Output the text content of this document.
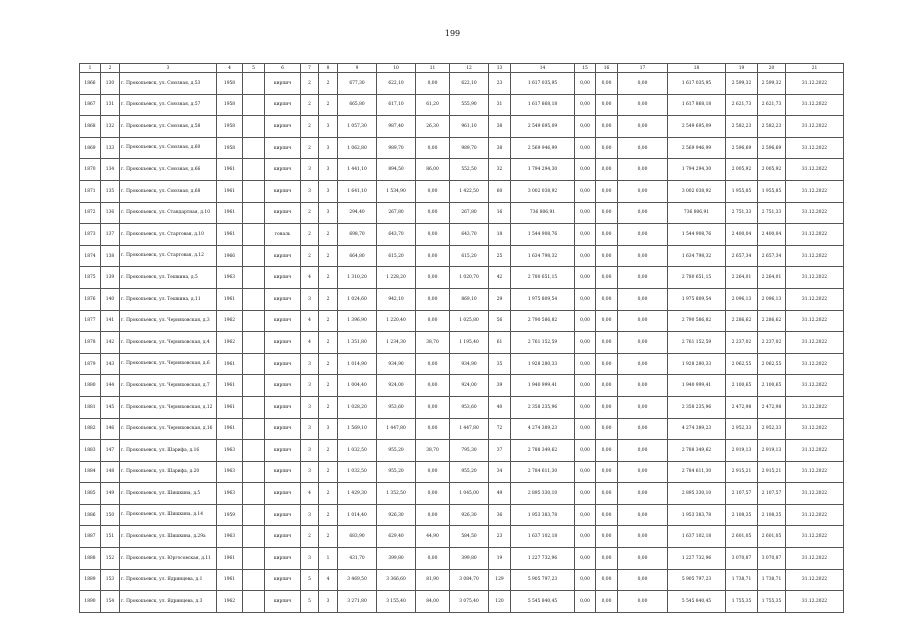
199
1	2	3	4	5	6	7	8	9	10	11	12	13	14	15	16	17	18	19	20	21
1866	130	г. Прокопьевск, ул. Союзная, д.53	1958		кирпич	2	2	677,30	622,10	0,00	622,10	23	1 617 035,95	0,00	0,00	0,00	1 617 035,95	2 599,32	2 599,32	31.12.2022
1867	131	г. Прокопьевск, ул. Союзная, д.57	1958		кирпич	2	2	665,80	617,10	61,20	555,90	31	1 617 868,18	0,00	0,00	0,00	1 617 868,18	2 621,73	2 621,73	31.12.2022
1868	132	г. Прокопьевск, ул. Союзная, д.58	1958		кирпич	2	3	1 057,30	987,40	26,30	961,10	38	2 549 695,09	0,00	0,00	0,00	2 549 695,09	2 582,23	2 582,23	31.12.2022
1869	133	г. Прокопьевск, ул. Союзная, д.60	1958		кирпич	2	3	1 062,80	989,70	0,00	989,70	38	2 569 946,99	0,00	0,00	0,00	2 569 946,99	2 596,69	2 596,69	31.12.2022
1870	134	г. Прокопьевск, ул. Союзная, д.66	1961		кирпич	3	3	1 441,10	894,50	86,00	552,50	32	1 794 294,30	0,00	0,00	0,00	1 794 294,30	2 005,92	2 005,92	31.12.2022
1871	135	г. Прокопьевск, ул. Союзная, д.68	1961		кирпич	3	3	1 641,10	1 534,90	0,00	1 422,50	60	3 002 038,92	0,00	0,00	0,00	3 002 038,92	1 955,85	1 955,85	31.12.2022
1872	136	г. Прокопьевск, ул. Стандартная, д.10	1961		кирпич	2	3	294,40	267,80	0,00	267,80	16	736 806,91	0,00	0,00	0,00	736 806,91	2 751,33	2 751,33	31.12.2022
1873	137	г. Прокопьевск, ул. Стартовая, д.10	1961		гональ	2	2	698,70	643,70	0,00	643,70	18	1 544 908,76	0,00	0,00	0,00	1 544 908,76	2 400,04	2 400,04	31.12.2022
1874	138	г. Прокопьевск, ул. Стартовая, д.12	1966		кирпич	2	2	664,80	615,20	0,00	615,20	25	1 634 798,32	0,00	0,00	0,00	1 634 798,32	2 657,34	2 657,34	31.12.2022
1875	139	г. Прокопьевск, ул. Тешкина, д.5	1963		кирпич	4	2	1 310,20	1 228,20	0,00	1 020,70	42	2 780 651,15	0,00	0,00	0,00	2 780 651,15	2 264,01	2 264,01	31.12.2022
1876	140	г. Прокопьевск, ул. Тешкина, д.11	1961		кирпич	3	2	1 024,60	942,10	0,00	869,10	29	1 975 809,54	0,00	0,00	0,00	1 975 809,54	2 096,13	2 096,13	31.12.2022
1877	141	г. Прокопьевск, ул. Черняховская, д.3	1962		кирпич	4	2	1 396,90	1 220,40	0,00	1 025,80	56	2 790 586,82	0,00	0,00	0,00	2 790 586,82	2 286,62	2 286,62	31.12.2022
1878	142	г. Прокопьевск, ул. Черняховская, д.4	1962		кирпич	4	2	1 351,80	1 234,30	38,70	1 195,40	61	2 761 152,59	0,00	0,00	0,00	2 761 152,59	2 237,02	2 237,02	31.12.2022
1879	143	г. Прокопьевск, ул. Черняховская, д.6	1961		кирпич	3	2	1 014,90	934,90	0,00	934,90	35	1 928 280,33	0,00	0,00	0,00	1 928 280,33	2 062,55	2 062,55	31.12.2022
1880	144	г. Прокопьевск, ул. Черняховская, д.7	1961		кирпич	3	2	1 004,40	924,00	0,00	924,00	39	1 940 999,41	0,00	0,00	0,00	1 940 999,41	2 100,65	2 100,65	31.12.2022
1881	145	г. Прокопьевск, ул. Черняховская, д.12	1961		кирпич	3	2	1 028,20	953,60	0,00	953,60	40	2 358 235,96	0,00	0,00	0,00	2 358 235,96	2 472,98	2 472,98	31.12.2022
1882	146	г. Прокопьевск, ул. Черняховская, д.16	1961		кирпич	3	3	1 569,10	1 447,80	0,00	1 447,80	72	4 274 389,23	0,00	0,00	0,00	4 274 389,23	2 952,33	2 952,33	31.12.2022
1883	147	г. Прокопьевск, ул. Шарифа, д.16	1963		кирпич	3	2	1 032,50	955,20	38,70	795,30	37	2 788 349,62	0,00	0,00	0,00	2 788 349,62	2 919,13	2 919,13	31.12.2022
1884	148	г. Прокопьевск, ул. Шарифа, д.20	1963		кирпич	3	2	1 032,50	955,20	0,00	955,20	34	2 784 611,30	0,00	0,00	0,00	2 784 611,30	2 915,21	2 915,21	31.12.2022
1885	149	г. Прокопьевск, ул. Шишкина, д.5	1963		кирпич	4	2	1 429,30	1 352,50	0,00	1 045,00	49	2 895 330,10	0,00	0,00	0,00	2 895 330,10	2 107,57	2 107,57	31.12.2022
1886	150	г. Прокопьевск, ул. Шишкина, д.14	1959		кирпич	3	2	1 014,40	926,30	0,00	926,30	36	1 953 383,78	0,00	0,00	0,00	1 953 383,78	2 108,35	2 108,35	31.12.2022
1887	151	г. Прокопьевск, ул. Шишкина, д.29а	1963		кирпич	2	2	683,90	629,40	44,90	584,50	23	1 637 102,18	0,00	0,00	0,00	1 637 102,18	2 601,05	2 601,05	31.12.2022
1888	152	г. Прокопьевск, ул. Юргосовская, д.11	1961		кирпич	3	1	431,70	399,80	0,00	399,80	19	1 227 732,96	0,00	0,00	0,00	1 227 732,96	3 070,87	3 070,87	31.12.2022
1889	153	г. Прокопьевск, ул. Ядринцева, д.1	1961		кирпич	5	4	3 469,50	3 366,60	81,90	3 084,70	129	5 905 797,23	0,00	0,00	0,00	5 905 797,23	1 738,71	1 738,71	31.12.2022
1890	154	г. Прокопьевск, ул. Ядринцева, д.3	1962		кирпич	5	3	3 271,80	3 155,40	84,00	3 075,40	120	5 545 840,45	0,00	0,00	0,00	5 545 840,45	1 755,35	1 755,35	31.12.2022
